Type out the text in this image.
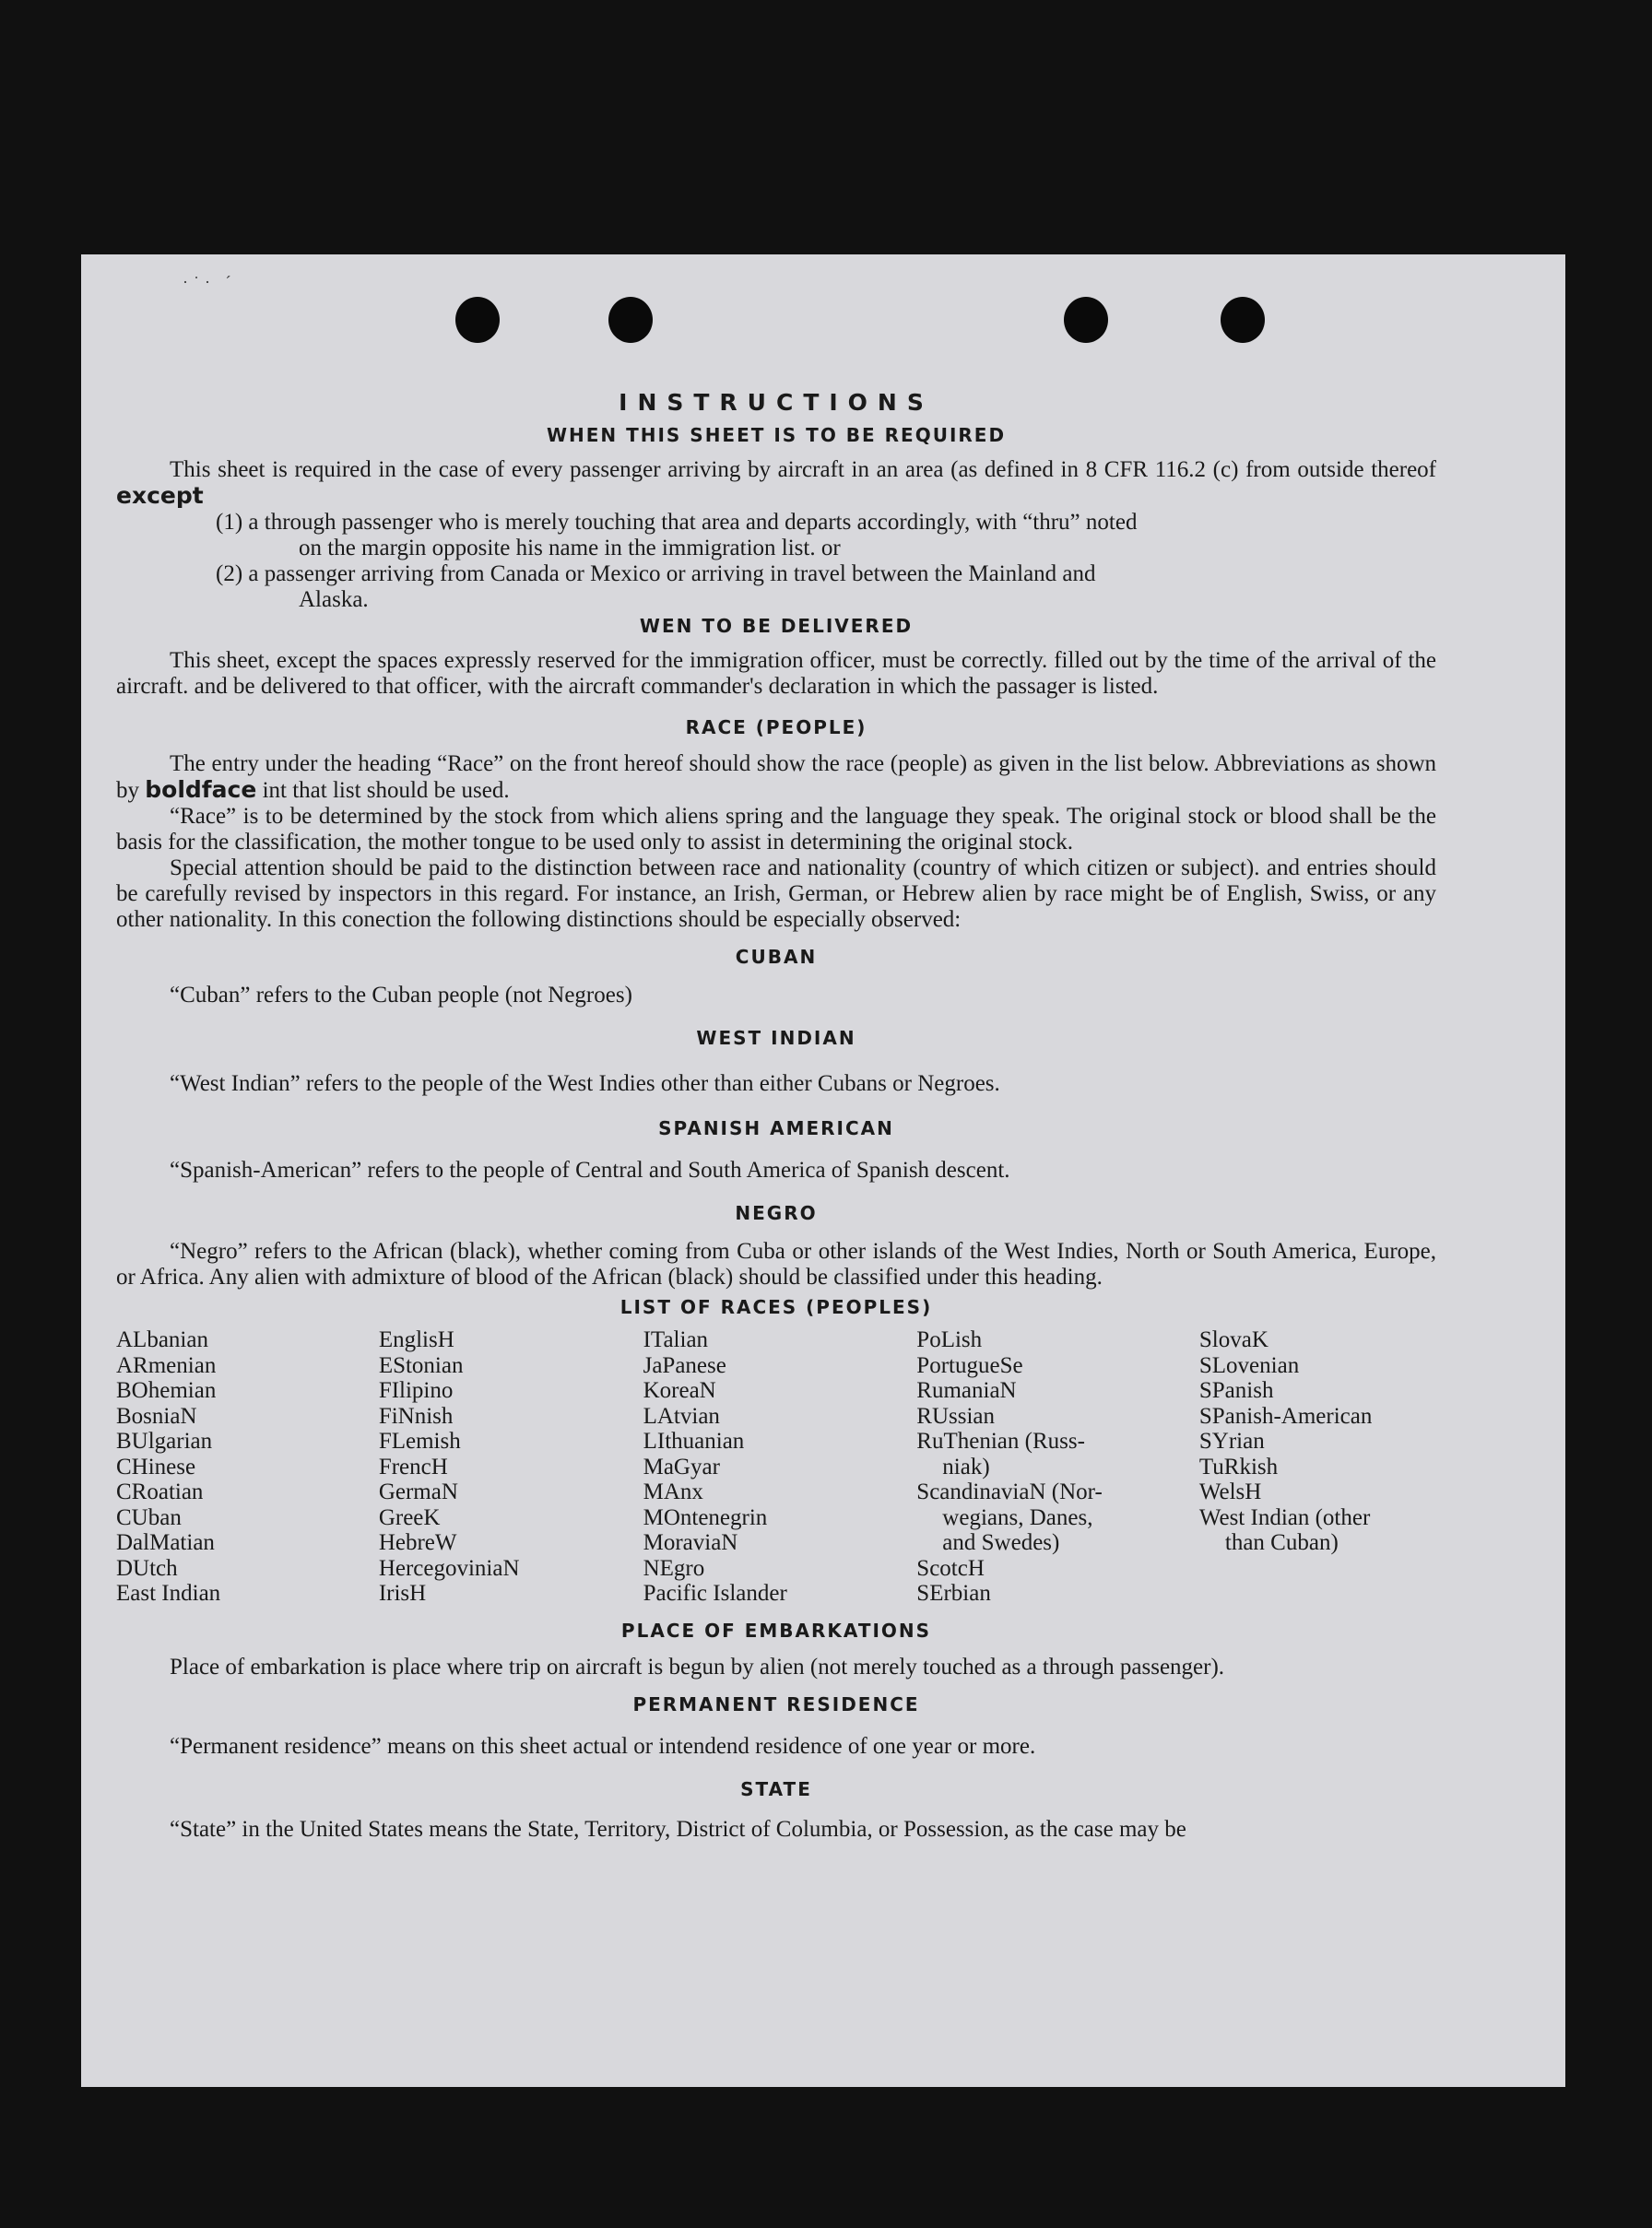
·˙· ˊ
INSTRUCTIONS
WHEN THIS SHEET IS TO BE REQUIRED

This sheet is required in the case of every passenger arriving by aircraft in an area (as defined in 8 CFR 116.2 (c) from outside thereof except

(1) a through passenger who is merely touching that area and departs accordingly, with “thru” noted

on the margin opposite his name in the immigration list. or

(2) a passenger arriving from Canada or Mexico or arriving in travel between the Mainland and

Alaska.

WEN TO BE DELIVERED

This sheet, except the spaces expressly reserved for the immigration officer, must be correctly. filled out by the time of the arrival of the aircraft. and be delivered to that officer, with the aircraft commander's declaration in which the passager is listed.

RACE (PEOPLE)

The entry under the heading “Race” on the front hereof should show the race (people) as given in the list below. Abbreviations as shown by boldface int that list should be used.

“Race” is to be determined by the stock from which aliens spring and the language they speak. The original stock or blood shall be the basis for the classification, the mother tongue to be used only to assist in determining the original stock.

Special attention should be paid to the distinction between race and nationality (country of which citizen or subject). and entries should be carefully revised by inspectors in this regard. For instance, an Irish, German, or Hebrew alien by race might be of English, Swiss, or any other nationality. In this conection the following distinctions should be especially observed:

CUBAN

“Cuban” refers to the Cuban people (not Negroes)

WEST INDIAN

“West Indian” refers to the people of the West Indies other than either Cubans or Negroes.

SPANISH AMERICAN

“Spanish-American” refers to the people of Central and South America of Spanish descent.

NEGRO

“Negro” refers to the African (black), whether coming from Cuba or other islands of the West Indies, North or South America, Europe, or Africa. Any alien with admixture of blood of the African (black) should be classified under this heading.

LIST OF RACES (PEOPLES)
ALbanian
ARmenian
BOhemian
BosniaN
BUlgarian
CHinese
CRoatian
CUban
DalMatian
DUtch
East Indian
EnglisH
EStonian
FIlipino
FiNnish
FLemish
FrencH
GermaN
GreeK
HebreW
HercegoviniaN
IrisH
ITalian
JaPanese
KoreaN
LAtvian
LIthuanian
MaGyar
MAnx
MOntenegrin
MoraviaN
NEgro
Pacific Islander
PoLish
PortugueSe
RumaniaN
RUssian
RuThenian (Russ-
niak)
ScandinaviaN (Nor-
wegians, Danes,
and Swedes)
ScotcH
SErbian
SlovaK
SLovenian
SPanish
SPanish-American
SYrian
TuRkish
WelsH
West Indian (other
than Cuban)
PLACE OF EMBARKATIONS

Place of embarkation is place where trip on aircraft is begun by alien (not merely touched as a through passenger).

PERMANENT RESIDENCE

“Permanent residence” means on this sheet actual or intendend residence of one year or more.

STATE

“State” in the United States means the State, Territory, District of Columbia, or Possession, as the case may be
